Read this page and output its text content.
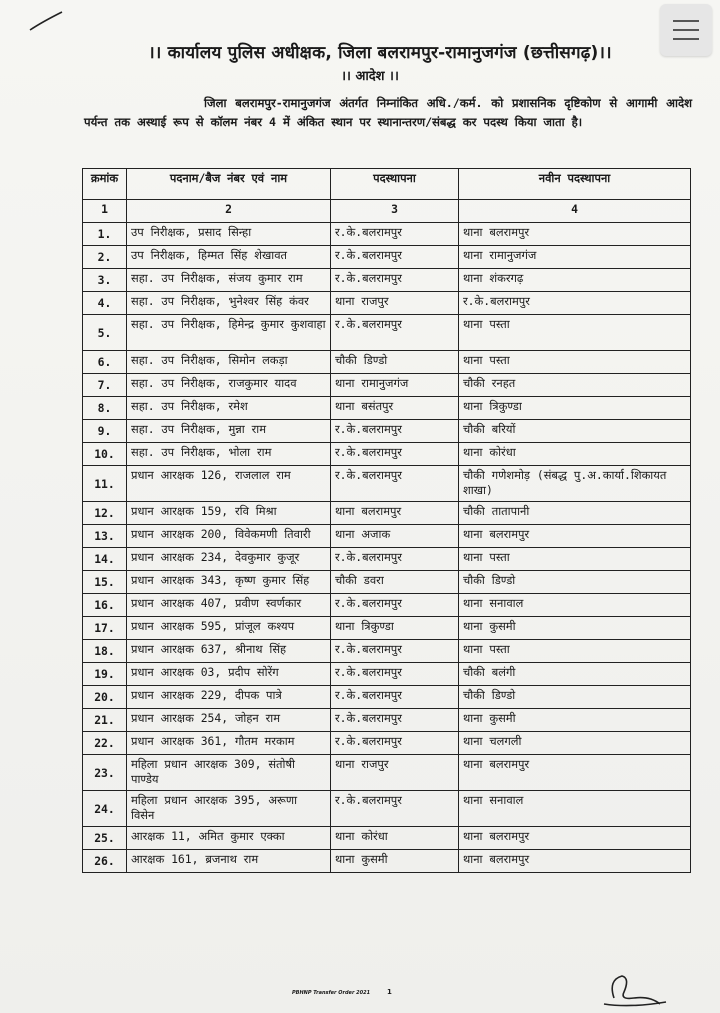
।। कार्यालय पुलिस अधीक्षक, जिला बलरामपुर-रामानुजगंज (छत्तीसगढ़)।।
।। आदेश ।।
जिला बलरामपुर-रामानुजगंज अंतर्गत निम्नांकित अधि./कर्म. को प्रशासनिक दृष्टिकोण से आगामी आदेश पर्यन्त तक अस्थाई रूप से कॉलम नंबर 4 में अंकित स्थान पर स्थानान्तरण/संबद्ध कर पदस्थ किया जाता है।
क्रमांक	पदनाम/बैज नंबर एवं नाम	पदस्थापना	नवीन पदस्थापना
1	2	3	4
1.	उप निरीक्षक, प्रसाद सिन्हा	र.के.बलरामपुर	थाना बलरामपुर
2.	उप निरीक्षक, हिम्मत सिंह शेखावत	र.के.बलरामपुर	थाना रामानुजगंज
3.	सहा. उप निरीक्षक, संजय कुमार राम	र.के.बलरामपुर	थाना शंकरगढ़
4.	सहा. उप निरीक्षक, भुनेश्वर सिंह कंवर	थाना राजपुर	र.के.बलरामपुर
5.	सहा. उप निरीक्षक, हिमेन्द्र कुमार कुशवाहा	र.के.बलरामपुर	थाना पस्ता
6.	सहा. उप निरीक्षक, सिमोन लकड़ा	चौकी डिण्डो	थाना पस्ता
7.	सहा. उप निरीक्षक, राजकुमार यादव	थाना रामानुजगंज	चौकी रनहत
8.	सहा. उप निरीक्षक, रमेश	थाना बसंतपुर	थाना त्रिकुण्डा
9.	सहा. उप निरीक्षक, मुन्ना राम	र.के.बलरामपुर	चौकी बरियों
10.	सहा. उप निरीक्षक, भोला राम	र.के.बलरामपुर	थाना कोरंधा
11.	प्रधान आरक्षक 126, राजलाल राम	र.के.बलरामपुर	चौकी गणेशमोड़ (संबद्ध पु.अ.कार्या.शिकायत शाखा)
12.	प्रधान आरक्षक 159, रवि मिश्रा	थाना बलरामपुर	चौकी तातापानी
13.	प्रधान आरक्षक 200, विवेकमणी तिवारी	थाना अजाक	थाना बलरामपुर
14.	प्रधान आरक्षक 234, देवकुमार कुजूर	र.के.बलरामपुर	थाना पस्ता
15.	प्रधान आरक्षक 343, कृष्ण कुमार सिंह	चौकी डवरा	चौकी डिण्डो
16.	प्रधान आरक्षक 407, प्रवीण स्वर्णकार	र.के.बलरामपुर	थाना सनावाल
17.	प्रधान आरक्षक 595, प्रांजूल कश्यप	थाना त्रिकुण्डा	थाना कुसमी
18.	प्रधान आरक्षक 637, श्रीनाथ सिंह	र.के.बलरामपुर	थाना पस्ता
19.	प्रधान आरक्षक 03, प्रदीप सोरेंग	र.के.बलरामपुर	चौकी बलंगी
20.	प्रधान आरक्षक 229, दीपक पात्रे	र.के.बलरामपुर	चौकी डिण्डो
21.	प्रधान आरक्षक 254, जोहन राम	र.के.बलरामपुर	थाना कुसमी
22.	प्रधान आरक्षक 361, गौतम मरकाम	र.के.बलरामपुर	थाना चलगली
23.	महिला प्रधान आरक्षक 309, संतोषी पाण्डेय	थाना राजपुर	थाना बलरामपुर
24.	महिला प्रधान आरक्षक 395, अरूणा विसेन	र.के.बलरामपुर	थाना सनावाल
25.	आरक्षक 11, अमित कुमार एक्का	थाना कोरंधा	थाना बलरामपुर
26.	आरक्षक 161, ब्रजनाथ राम	थाना कुसमी	थाना बलरामपुर
PBHNP Transfer Order 2021 1
